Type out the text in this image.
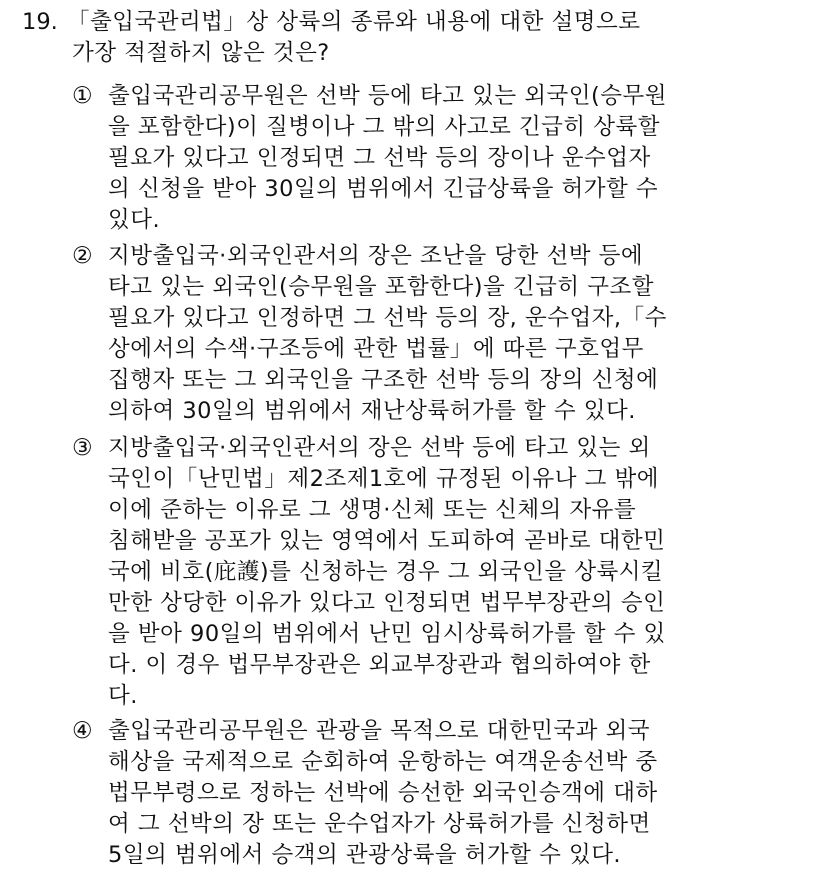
19. 「출입국관리법」상 상륙의 종류와 내용에 대한 설명으로
가장 적절하지 않은 것은?
① 출입국관리공무원은 선박 등에 타고 있는 외국인(승무원
을 포함한다)이 질병이나 그 밖의 사고로 긴급히 상륙할
필요가 있다고 인정되면 그 선박 등의 장이나 운수업자
의 신청을 받아 30일의 범위에서 긴급상륙을 허가할 수
있다.
② 지방출입국·외국인관서의 장은 조난을 당한 선박 등에
타고 있는 외국인(승무원을 포함한다)을 긴급히 구조할
필요가 있다고 인정하면 그 선박 등의 장, 운수업자,「수
상에서의 수색·구조등에 관한 법률」에 따른 구호업무
집행자 또는 그 외국인을 구조한 선박 등의 장의 신청에
의하여 30일의 범위에서 재난상륙허가를 할 수 있다.
③ 지방출입국·외국인관서의 장은 선박 등에 타고 있는 외
국인이「난민법」제2조제1호에 규정된 이유나 그 밖에
이에 준하는 이유로 그 생명·신체 또는 신체의 자유를
침해받을 공포가 있는 영역에서 도피하여 곧바로 대한민
국에 비호(庇護)를 신청하는 경우 그 외국인을 상륙시킬
만한 상당한 이유가 있다고 인정되면 법무부장관의 승인
을 받아 90일의 범위에서 난민 임시상륙허가를 할 수 있
다. 이 경우 법무부장관은 외교부장관과 협의하여야 한
다.
④ 출입국관리공무원은 관광을 목적으로 대한민국과 외국
해상을 국제적으로 순회하여 운항하는 여객운송선박 중
법무부령으로 정하는 선박에 승선한 외국인승객에 대하
여 그 선박의 장 또는 운수업자가 상륙허가를 신청하면
5일의 범위에서 승객의 관광상륙을 허가할 수 있다.
